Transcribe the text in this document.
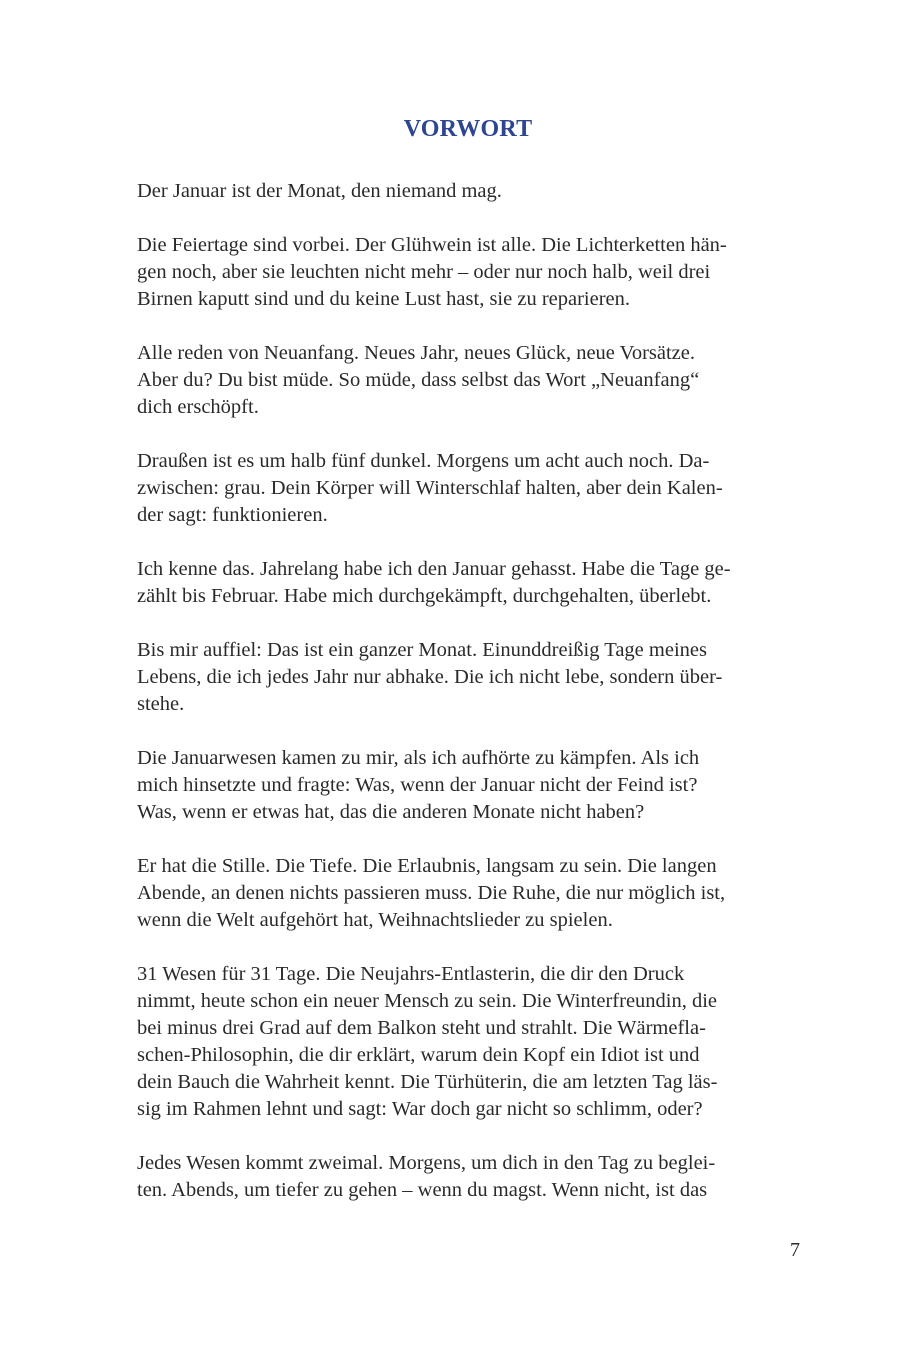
VORWORT
Der Januar ist der Monat, den niemand mag.
Die Feiertage sind vorbei. Der Glühwein ist alle. Die Lichterketten hän-
gen noch, aber sie leuchten nicht mehr – oder nur noch halb, weil drei
Birnen kaputt sind und du keine Lust hast, sie zu reparieren.
Alle reden von Neuanfang. Neues Jahr, neues Glück, neue Vorsätze.
Aber du? Du bist müde. So müde, dass selbst das Wort „Neuanfang“
dich erschöpft.
Draußen ist es um halb fünf dunkel. Morgens um acht auch noch. Da-
zwischen: grau. Dein Körper will Winterschlaf halten, aber dein Kalen-
der sagt: funktionieren.
Ich kenne das. Jahrelang habe ich den Januar gehasst. Habe die Tage ge-
zählt bis Februar. Habe mich durchgekämpft, durchgehalten, überlebt.
Bis mir auffiel: Das ist ein ganzer Monat. Einunddreißig Tage meines
Lebens, die ich jedes Jahr nur abhake. Die ich nicht lebe, sondern über-
stehe.
Die Januarwesen kamen zu mir, als ich aufhörte zu kämpfen. Als ich
mich hinsetzte und fragte: Was, wenn der Januar nicht der Feind ist?
Was, wenn er etwas hat, das die anderen Monate nicht haben?
Er hat die Stille. Die Tiefe. Die Erlaubnis, langsam zu sein. Die langen
Abende, an denen nichts passieren muss. Die Ruhe, die nur möglich ist,
wenn die Welt aufgehört hat, Weihnachtslieder zu spielen.
31 Wesen für 31 Tage. Die Neujahrs-Entlasterin, die dir den Druck
nimmt, heute schon ein neuer Mensch zu sein. Die Winterfreundin, die
bei minus drei Grad auf dem Balkon steht und strahlt. Die Wärmefla-
schen-Philosophin, die dir erklärt, warum dein Kopf ein Idiot ist und
dein Bauch die Wahrheit kennt. Die Türhüterin, die am letzten Tag läs-
sig im Rahmen lehnt und sagt: War doch gar nicht so schlimm, oder?
Jedes Wesen kommt zweimal. Morgens, um dich in den Tag zu beglei-
ten. Abends, um tiefer zu gehen – wenn du magst. Wenn nicht, ist das
7
